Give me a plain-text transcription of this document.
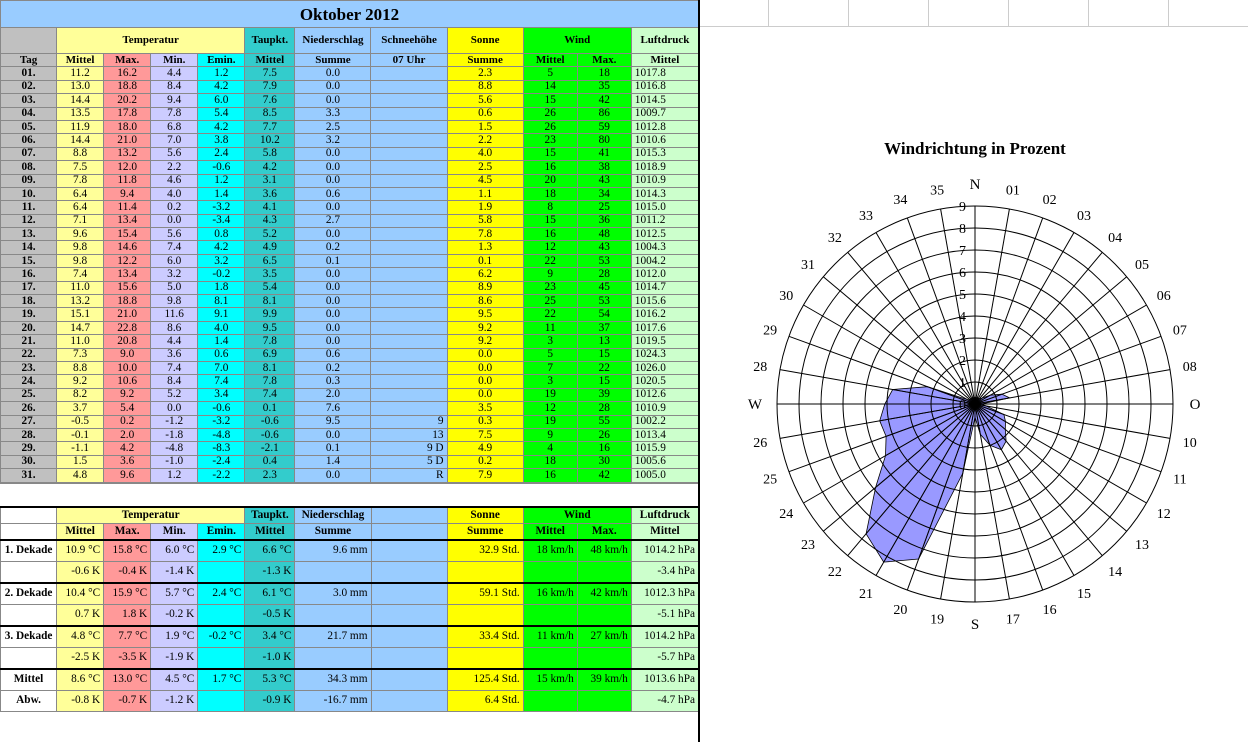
Oktober 2012											
	Temperatur				Taupkt.	Niederschlag	Schneehöhe	Sonne	Wind		Luftdruck
Tag	Mittel	Max.	Min.	Emin.	Mittel	Summe	07 Uhr	Summe	Mittel	Max.	Mittel
01.	11.2	16.2	4.4	1.2	7.5	0.0		2.3	5	18	1017.8
02.	13.0	18.8	8.4	4.2	7.9	0.0		8.8	14	35	1016.8
03.	14.4	20.2	9.4	6.0	7.6	0.0		5.6	15	42	1014.5
04.	13.5	17.8	7.8	5.4	8.5	3.3		0.6	26	86	1009.7
05.	11.9	18.0	6.8	4.2	7.7	2.5		1.5	26	59	1012.8
06.	14.4	21.0	7.0	3.8	10.2	3.2		2.2	23	80	1010.6
07.	8.8	13.2	5.6	2.4	5.8	0.0		4.0	15	41	1015.3
08.	7.5	12.0	2.2	-0.6	4.2	0.0		2.5	16	38	1018.9
09.	7.8	11.8	4.6	1.2	3.1	0.0		4.5	20	43	1010.9
10.	6.4	9.4	4.0	1.4	3.6	0.6		1.1	18	34	1014.3
11.	6.4	11.4	0.2	-3.2	4.1	0.0		1.9	8	25	1015.0
12.	7.1	13.4	0.0	-3.4	4.3	2.7		5.8	15	36	1011.2
13.	9.6	15.4	5.6	0.8	5.2	0.0		7.8	16	48	1012.5
14.	9.8	14.6	7.4	4.2	4.9	0.2		1.3	12	43	1004.3
15.	9.8	12.2	6.0	3.2	6.5	0.1		0.1	22	53	1004.2
16.	7.4	13.4	3.2	-0.2	3.5	0.0		6.2	9	28	1012.0
17.	11.0	15.6	5.0	1.8	5.4	0.0		8.9	23	45	1014.7
18.	13.2	18.8	9.8	8.1	8.1	0.0		8.6	25	53	1015.6
19.	15.1	21.0	11.6	9.1	9.9	0.0		9.5	22	54	1016.2
20.	14.7	22.8	8.6	4.0	9.5	0.0		9.2	11	37	1017.6
21.	11.0	20.8	4.4	1.4	7.8	0.0		9.2	3	13	1019.5
22.	7.3	9.0	3.6	0.6	6.9	0.6		0.0	5	15	1024.3
23.	8.8	10.0	7.4	7.0	8.1	0.2		0.0	7	22	1026.0
24.	9.2	10.6	8.4	7.4	7.8	0.3		0.0	3	15	1020.5
25.	8.2	9.2	5.2	3.4	7.4	2.0		0.0	19	39	1012.6
26.	3.7	5.4	0.0	-0.6	0.1	7.6		3.5	12	28	1010.9
27.	-0.5	0.2	-1.2	-3.2	-0.6	9.5	9	0.3	19	55	1002.2
28.	-0.1	2.0	-1.8	-4.8	-0.6	0.0	13	7.5	9	26	1013.4
29.	-1.1	4.2	-4.8	-8.3	-2.1	0.1	9 D	4.9	4	16	1015.9
30.	1.5	3.6	-1.0	-2.4	0.4	1.4	5 D	0.2	18	30	1005.6
31.	4.8	9.6	1.2	-2.2	2.3	0.0	R	7.9	16	42	1005.0
	Temperatur				Taupkt.	Niederschlag		Sonne	Wind		Luftdruck
	Mittel	Max.	Min.	Emin.	Mittel	Summe		Summe	Mittel	Max.	Mittel
1. Dekade	10.9 °C	15.8 °C	6.0 °C	2.9 °C	6.6 °C	9.6 mm		32.9 Std.	18 km/h	48 km/h	1014.2 hPa
	-0.6 K	-0.4 K	-1.4 K		-1.3 K						-3.4 hPa
2. Dekade	10.4 °C	15.9 °C	5.7 °C	2.4 °C	6.1 °C	3.0 mm		59.1 Std.	16 km/h	42 km/h	1012.3 hPa
	0.7 K	1.8 K	-0.2 K		-0.5 K						-5.1 hPa
3. Dekade	4.8 °C	7.7 °C	1.9 °C	-0.2 °C	3.4 °C	21.7 mm		33.4 Std.	11 km/h	27 km/h	1014.2 hPa
	-2.5 K	-3.5 K	-1.9 K		-1.0 K						-5.7 hPa
Mittel	8.6 °C	13.0 °C	4.5 °C	1.7 °C	5.3 °C	34.3 mm		125.4 Std.	15 km/h	39 km/h	1013.6 hPa
Abw.	-0.8 K	-0.7 K	-1.2 K		-0.9 K	-16.7 mm		6.4 Std.			-4.7 hPa
Windrichtung in Prozent
0
1
2
3
4
5
6
7
8
9
01
02
03
04
05
06
07
08
O
10
11
12
13
14
15
16
17
S
19
20
21
22
23
24
25
26
W
28
29
30
31
32
33
34
35 N
